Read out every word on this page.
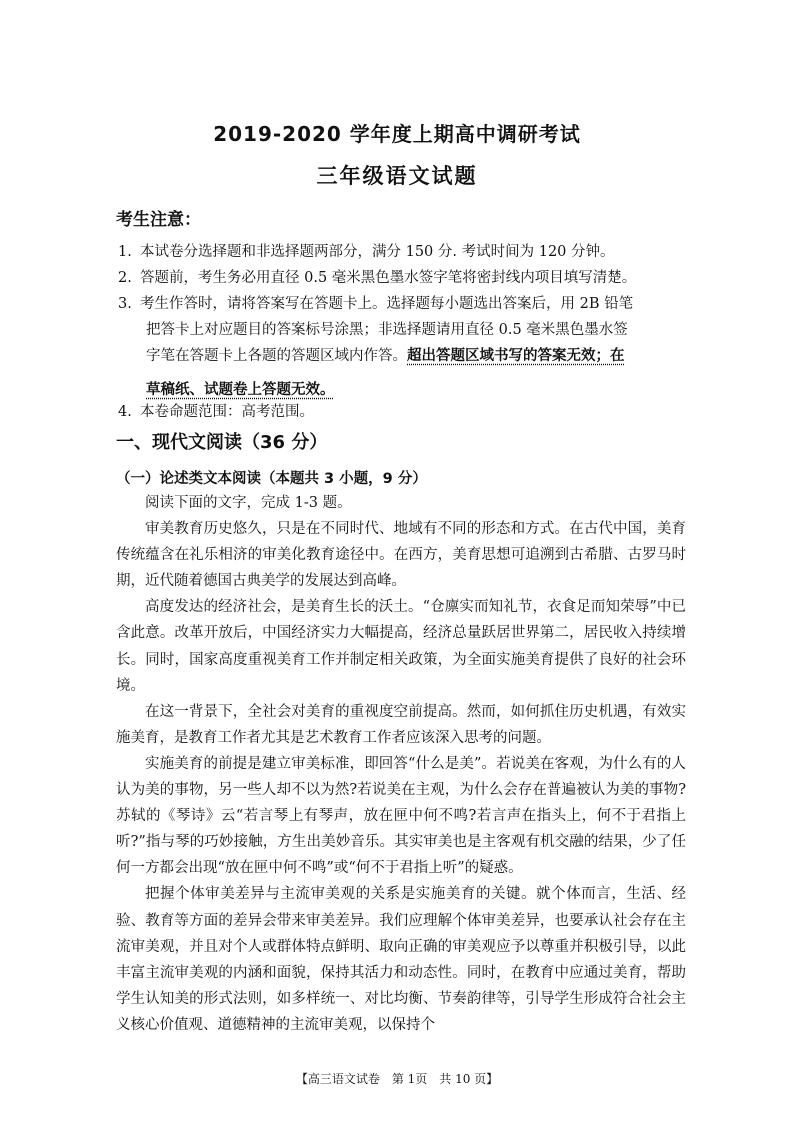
2019-2020 学年度上期高中调研考试
三年级语文试题
考生注意：
1. 本试卷分选择题和非选择题两部分，满分 150 分. 考试时间为 120 分钟。
2. 答题前，考生务必用直径 0.5 毫米黑色墨水签字笔将密封线内项目填写清楚。
3. 考生作答时，请将答案写在答题卡上。选择题每小题选出答案后，用 2B 铅笔
把答卡上对应题目的答案标号涂黑；非选择题请用直径 0.5 毫米黑色墨水签
字笔在答题卡上各题的答题区域内作答。超出答题区域书写的答案无效；在
草稿纸、试题卷上答题无效。
4. 本卷命题范围：高考范围。
一、现代文阅读（36 分）
（一）论述类文本阅读（本题共 3 小题，9 分）

阅读下面的文字，完成 1-3 题。

审美教育历史悠久，只是在不同时代、地域有不同的形态和方式。在古代中国，美育传统蕴含在礼乐相济的审美化教育途径中。在西方，美育思想可追溯到古希腊、古罗马时期，近代随着德国古典美学的发展达到高峰。

高度发达的经济社会，是美育生长的沃土。“仓廪实而知礼节，衣食足而知荣辱”中已含此意。改革开放后，中国经济实力大幅提高，经济总量跃居世界第二，居民收入持续增长。同时，国家高度重视美育工作并制定相关政策，为全面实施美育提供了良好的社会环境。

在这一背景下，全社会对美育的重视度空前提高。然而，如何抓住历史机遇，有效实施美育，是教育工作者尤其是艺术教育工作者应该深入思考的问题。

实施美育的前提是建立审美标准，即回答“什么是美”。若说美在客观，为什么有的人认为美的事物，另一些人却不以为然?若说美在主观，为什么会存在普遍被认为美的事物?苏轼的《琴诗》云“若言琴上有琴声，放在匣中何不鸣?若言声在指头上，何不于君指上听?”指与琴的巧妙接触，方生出美妙音乐。其实审美也是主客观有机交融的结果，少了任何一方都会出现“放在匣中何不鸣”或“何不于君指上听”的疑惑。

把握个体审美差异与主流审美观的关系是实施美育的关键。就个体而言，生活、经验、教育等方面的差异会带来审美差异。我们应理解个体审美差异，也要承认社会存在主流审美观，并且对个人或群体特点鲜明、取向正确的审美观应予以尊重并积极引导，以此丰富主流审美观的内涵和面貌，保持其活力和动态性。同时，在教育中应通过美育，帮助学生认知美的形式法则，如多样统一、对比均衡、节奏韵律等，引导学生形成符合社会主义核心价值观、道德精神的主流审美观，以保持个

【高三语文试卷 第 1页 共 10 页】
